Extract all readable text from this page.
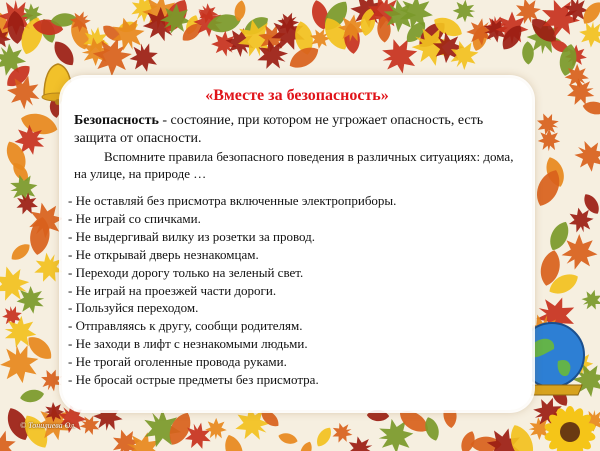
«Вместе за безопасность»

Безопасность - состояние, при котором не угрожает опасность, есть защита от опасности.

Вспомните правила безопасного поведения в различных ситуациях: дома, на улице, на природе …

- Не оставляй без присмотра включенные электроприборы.
- Не играй со спичками.
- Не выдергивай вилку из розетки за провод.
- Не открывай дверь незнакомцам.
- Переходи дорогу только на зеленый свет.
- Не играй на проезжей части дороги.
- Пользуйся переходом.
- Отправляясь к другу, сообщи родителям.
- Не заходи в лифт с незнакомыми людьми.
- Не трогай оголенные провода руками.
- Не бросай острые предметы без присмотра.
© Тонилиева Ол.
